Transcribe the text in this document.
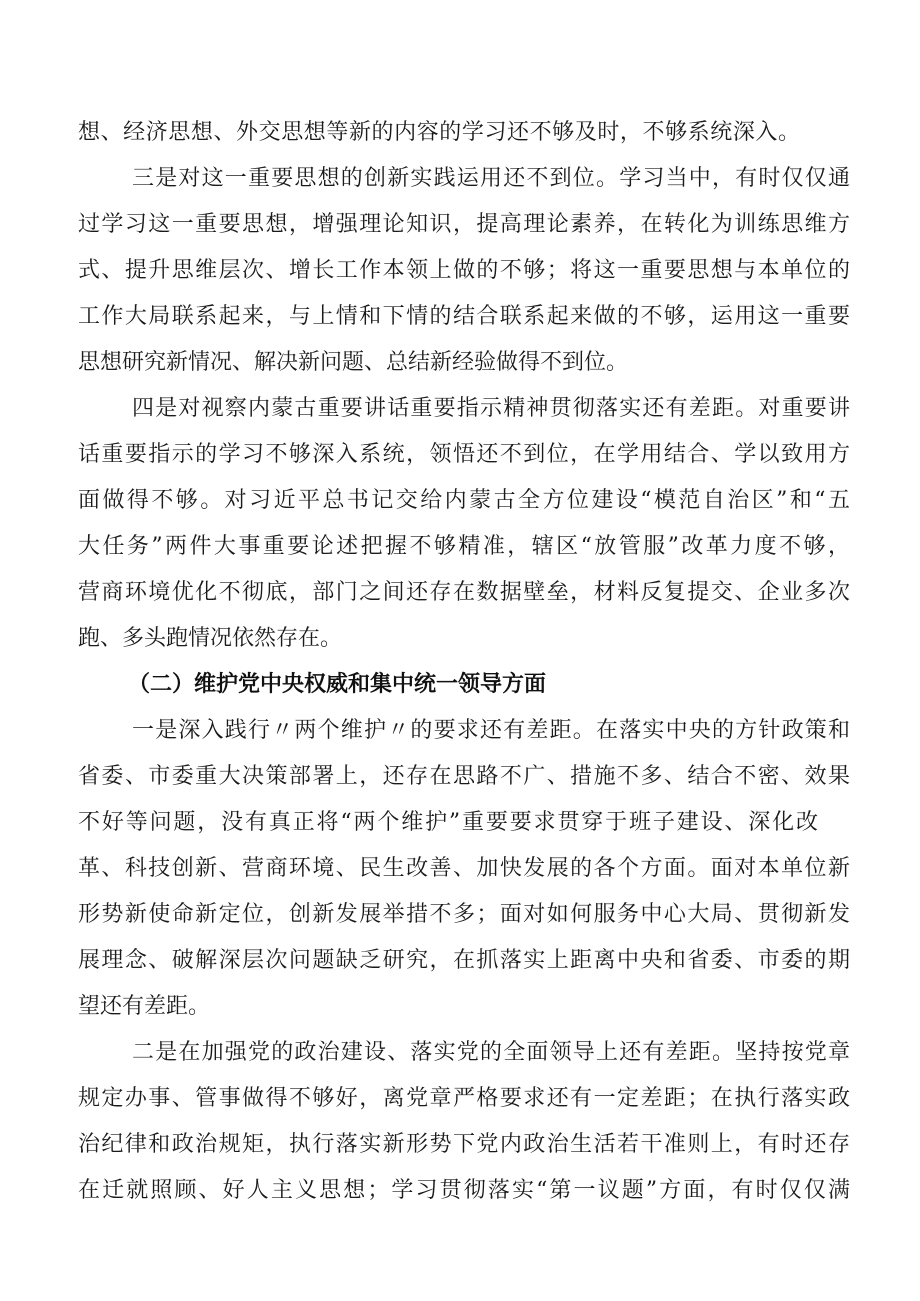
想、经济思想、外交思想等新的内容的学习还不够及时，不够系统深入。
三是对这一重要思想的创新实践运用还不到位。学习当中，有时仅仅通
过学习这一重要思想，增强理论知识，提高理论素养，在转化为训练思维方
式、提升思维层次、增长工作本领上做的不够；将这一重要思想与本单位的
工作大局联系起来，与上情和下情的结合联系起来做的不够，运用这一重要
思想研究新情况、解决新问题、总结新经验做得不到位。
四是对视察内蒙古重要讲话重要指示精神贯彻落实还有差距。对重要讲
话重要指示的学习不够深入系统，领悟还不到位，在学用结合、学以致用方
面做得不够。对习近平总书记交给内蒙古全方位建设“模范自治区”和“五
大任务”两件大事重要论述把握不够精准，辖区“放管服”改革力度不够，
营商环境优化不彻底，部门之间还存在数据壁垒，材料反复提交、企业多次
跑、多头跑情况依然存在。
（二）维护党中央权威和集中统一领导方面
一是深入践行〃两个维护〃的要求还有差距。在落实中央的方针政策和
省委、市委重大决策部署上，还存在思路不广、措施不多、结合不密、效果
不好等问题，没有真正将“两个维护”重要要求贯穿于班子建设、深化改
革、科技创新、营商环境、民生改善、加快发展的各个方面。面对本单位新
形势新使命新定位，创新发展举措不多；面对如何服务中心大局、贯彻新发
展理念、破解深层次问题缺乏研究，在抓落实上距离中央和省委、市委的期
望还有差距。
二是在加强党的政治建设、落实党的全面领导上还有差距。坚持按党章
规定办事、管事做得不够好，离党章严格要求还有一定差距；在执行落实政
治纪律和政治规矩，执行落实新形势下党内政治生活若干准则上，有时还存
在迁就照顾、好人主义思想；学习贯彻落实“第一议题”方面，有时仅仅满
